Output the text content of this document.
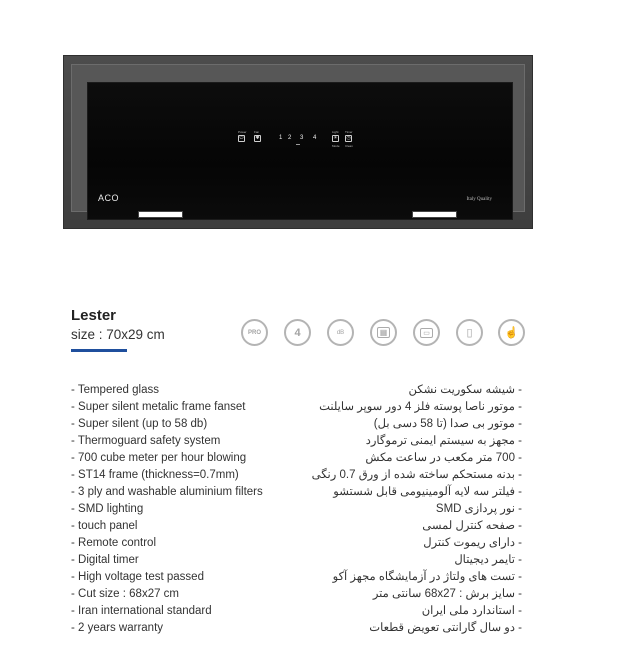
Power Fan
⏻	✱	1 2 3 4
Light Timer
☀ ◷
Mode Clean
ACO	Italy Quality
Lester
size : 70x29 cm	PRO	4	dB	▦	▭	▯	☝
- Tempered glass
- Super silent metalic frame fanset
- Super silent (up to 58 db)
- Thermoguard safety system
- 700 cube meter per hour blowing
- ST14 frame (thickness=0.7mm)
- 3 ply and washable aluminium filters
- SMD lighting
- touch panel
- Remote control
- Digital timer
- High voltage test passed
- Cut size : 68x27 cm
- Iran international standard
- 2 years warranty
- شیشه سکوریت نشکن
- موتور ناصا پوسته فلز 4 دور سوپر سایلنت
- موتور بی صدا (تا 58 دسی بل)
- مجهز به سیستم ایمنی ترموگارد
- 700 متر مکعب در ساعت مکش
- بدنه مستحکم ساخته شده از ورق 0.7 رنگی
- فیلتر سه لایه آلومینیومی قابل شستشو
- نور پردازی SMD
- صفحه کنترل لمسی
- دارای ریموت کنترل
- تایمر دیجیتال
- تست های ولتاژ در آزمایشگاه مجهز آکو
- سایز برش : 68x27 سانتی متر
- استاندارد ملی ایران
- دو سال گارانتی تعویض قطعات
